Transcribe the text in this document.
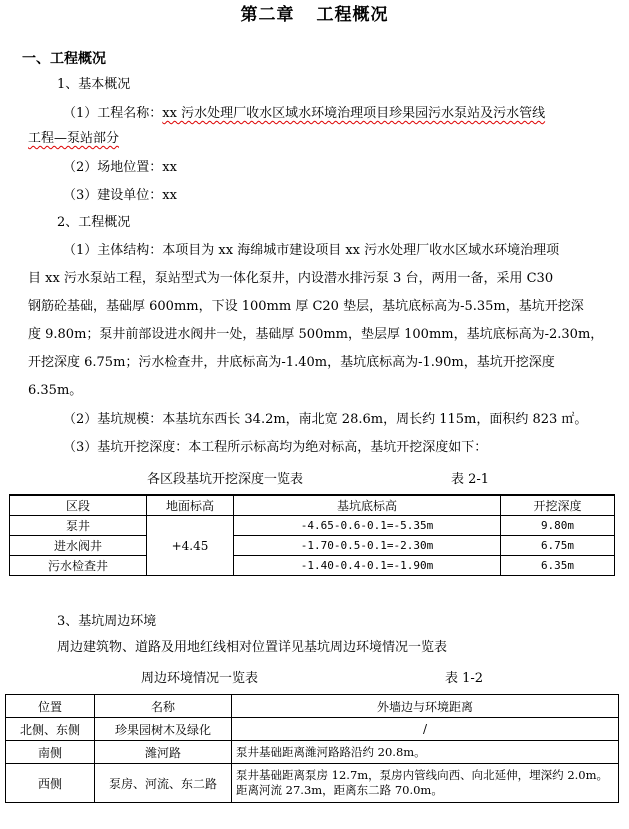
第二章 工程概况
一、工程概况
1、基本概况
（1）工程名称：xx 污水处理厂收水区域水环境治理项目珍果园污水泵站及污水管线
工程—泵站部分
（2）场地位置：xx
（3）建设单位：xx
2、工程概况
（1）主体结构：本项目为 xx 海绵城市建设项目 xx 污水处理厂收水区域水环境治理项
目 xx 污水泵站工程，泵站型式为一体化泵井，内设潜水排污泵 3 台，两用一备，采用 C30
钢筋砼基础，基础厚 600mm，下设 100mm 厚 C20 垫层，基坑底标高为-5.35m，基坑开挖深
度 9.80m；泵井前部设进水阀井一处，基础厚 500mm，垫层厚 100mm，基坑底标高为-2.30m，
开挖深度 6.75m；污水检查井，井底标高为-1.40m，基坑底标高为-1.90m，基坑开挖深度
6.35m。
（2）基坑规模：本基坑东西长 34.2m，南北宽 28.6m，周长约 115m，面积约 823 ㎡。
（3）基坑开挖深度：本工程所示标高均为绝对标高，基坑开挖深度如下：
各区段基坑开挖深度一览表	表 2-1
区段	地面标高	基坑底标高	开挖深度
泵井	+4.45	-4.65-0.6-0.1=-5.35m	9.80m
进水阀井		-1.70-0.5-0.1=-2.30m	6.75m
污水检查井		-1.40-0.4-0.1=-1.90m	6.35m
3、基坑周边环境
周边建筑物、道路及用地红线相对位置详见基坑周边环境情况一览表
周边环境情况一览表	表 1-2
位置	名称	外墙边与环境距离
北侧、东侧	珍果园树木及绿化	/
南侧	潍河路	泵井基础距离潍河路路沿约 20.8m。
西侧	泵房、河流、东二路	泵井基础距离泵房 12.7m，泵房内管线向西、向北延伸，埋深约 2.0m。距离河流 27.3m，距离东二路 70.0m。
